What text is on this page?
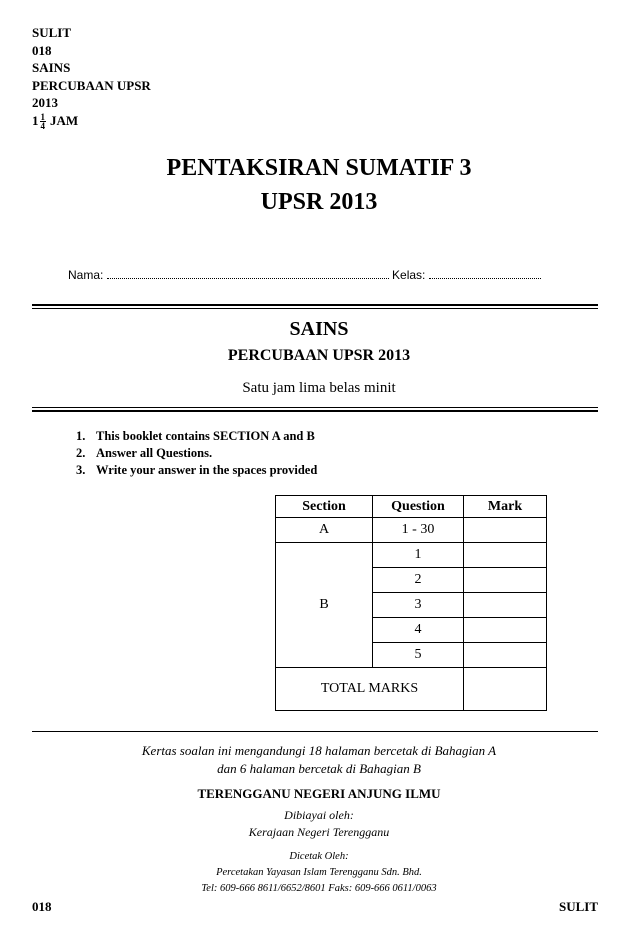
SULIT
018
SAINS
PERCUBAAN UPSR
2013
$1 \frac{1}{4}$ JAM
PENTAKSIRAN SUMATIF 3
UPSR 2013
Nama:	Kelas:
SAINS
PERCUBAAN UPSR 2013
Satu jam lima belas minit
1. This booklet contains SECTION A and B
2. Answer all Questions.
3. Write your answer in the spaces provided
Section	Question	Mark
A	1 - 30	
B	1	
	2	
	3	
	4	
	5	
TOTAL MARKS		
Kertas soalan ini mengandungi 18 halaman bercetak di Bahagian A
dan 6 halaman bercetak di Bahagian B
TERENGGANU NEGERI ANJUNG ILMU
Dibiayai oleh:
Kerajaan Negeri Terengganu
Dicetak Oleh:
Percetakan Yayasan Islam Terengganu Sdn. Bhd.
Tel: 609-666 8611/6652/8601 Faks: 609-666 0611/0063
018	SULIT
